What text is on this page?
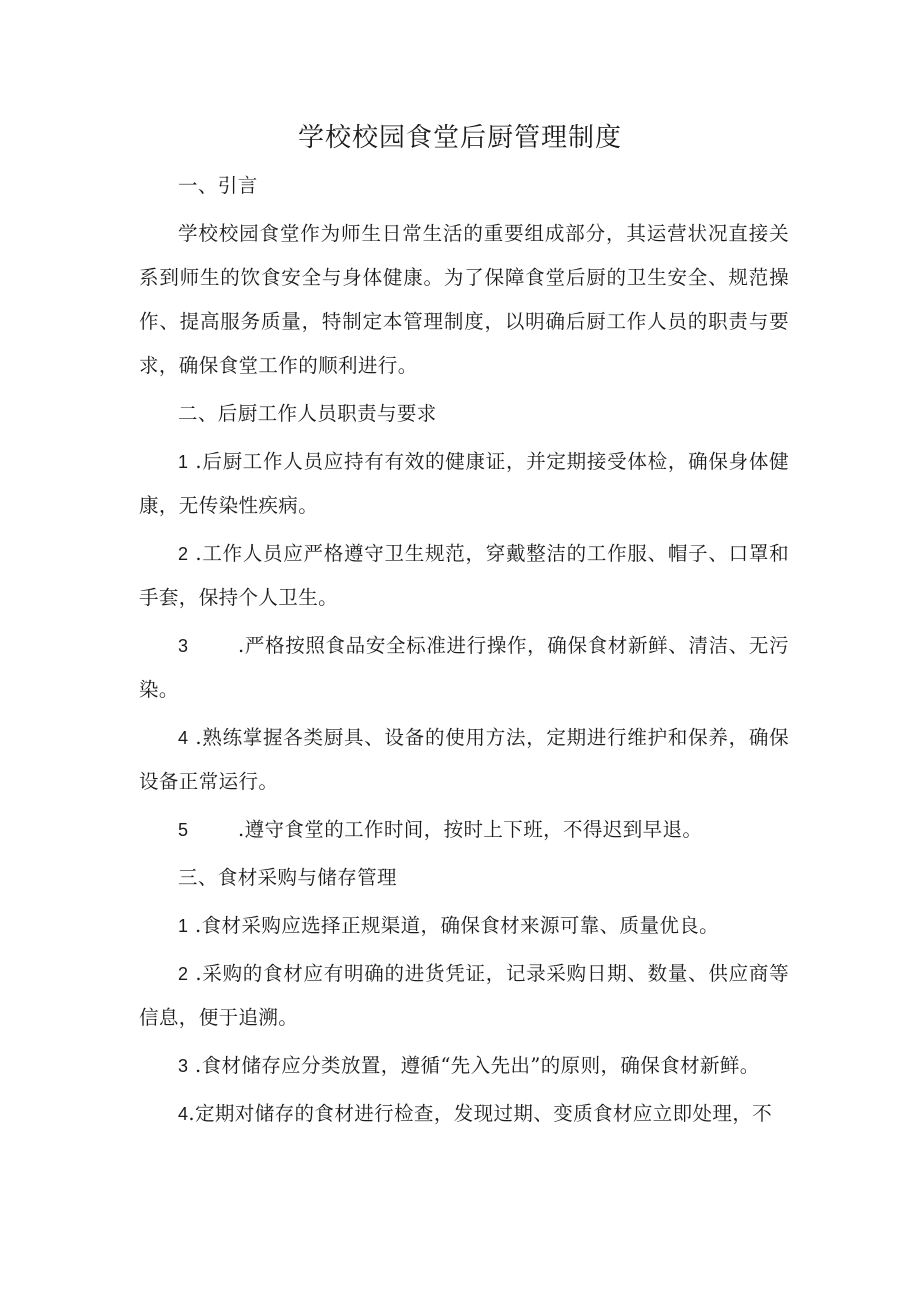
学校校园食堂后厨管理制度
一、引言

学校校园食堂作为师生日常生活的重要组成部分，其运营状况直接关系到师生的饮食安全与身体健康。为了保障食堂后厨的卫生安全、规范操作、提高服务质量，特制定本管理制度，以明确后厨工作人员的职责与要求，确保食堂工作的顺利进行。

二、后厨工作人员职责与要求

1 .后厨工作人员应持有有效的健康证，并定期接受体检，确保身体健康，无传染性疾病。

2 .工作人员应严格遵守卫生规范，穿戴整洁的工作服、帽子、口罩和手套，保持个人卫生。

3	.严格按照食品安全标准进行操作，确保食材新鲜、清洁、无污染。

4 .熟练掌握各类厨具、设备的使用方法，定期进行维护和保养，确保设备正常运行。

5	.遵守食堂的工作时间，按时上下班，不得迟到早退。

三、食材采购与储存管理

1 .食材采购应选择正规渠道，确保食材来源可靠、质量优良。

2 .采购的食材应有明确的进货凭证，记录采购日期、数量、供应商等信息，便于追溯。

3 .食材储存应分类放置，遵循“先入先出”的原则，确保食材新鲜。

4.定期对储存的食材进行检查，发现过期、变质食材应立即处理，不
